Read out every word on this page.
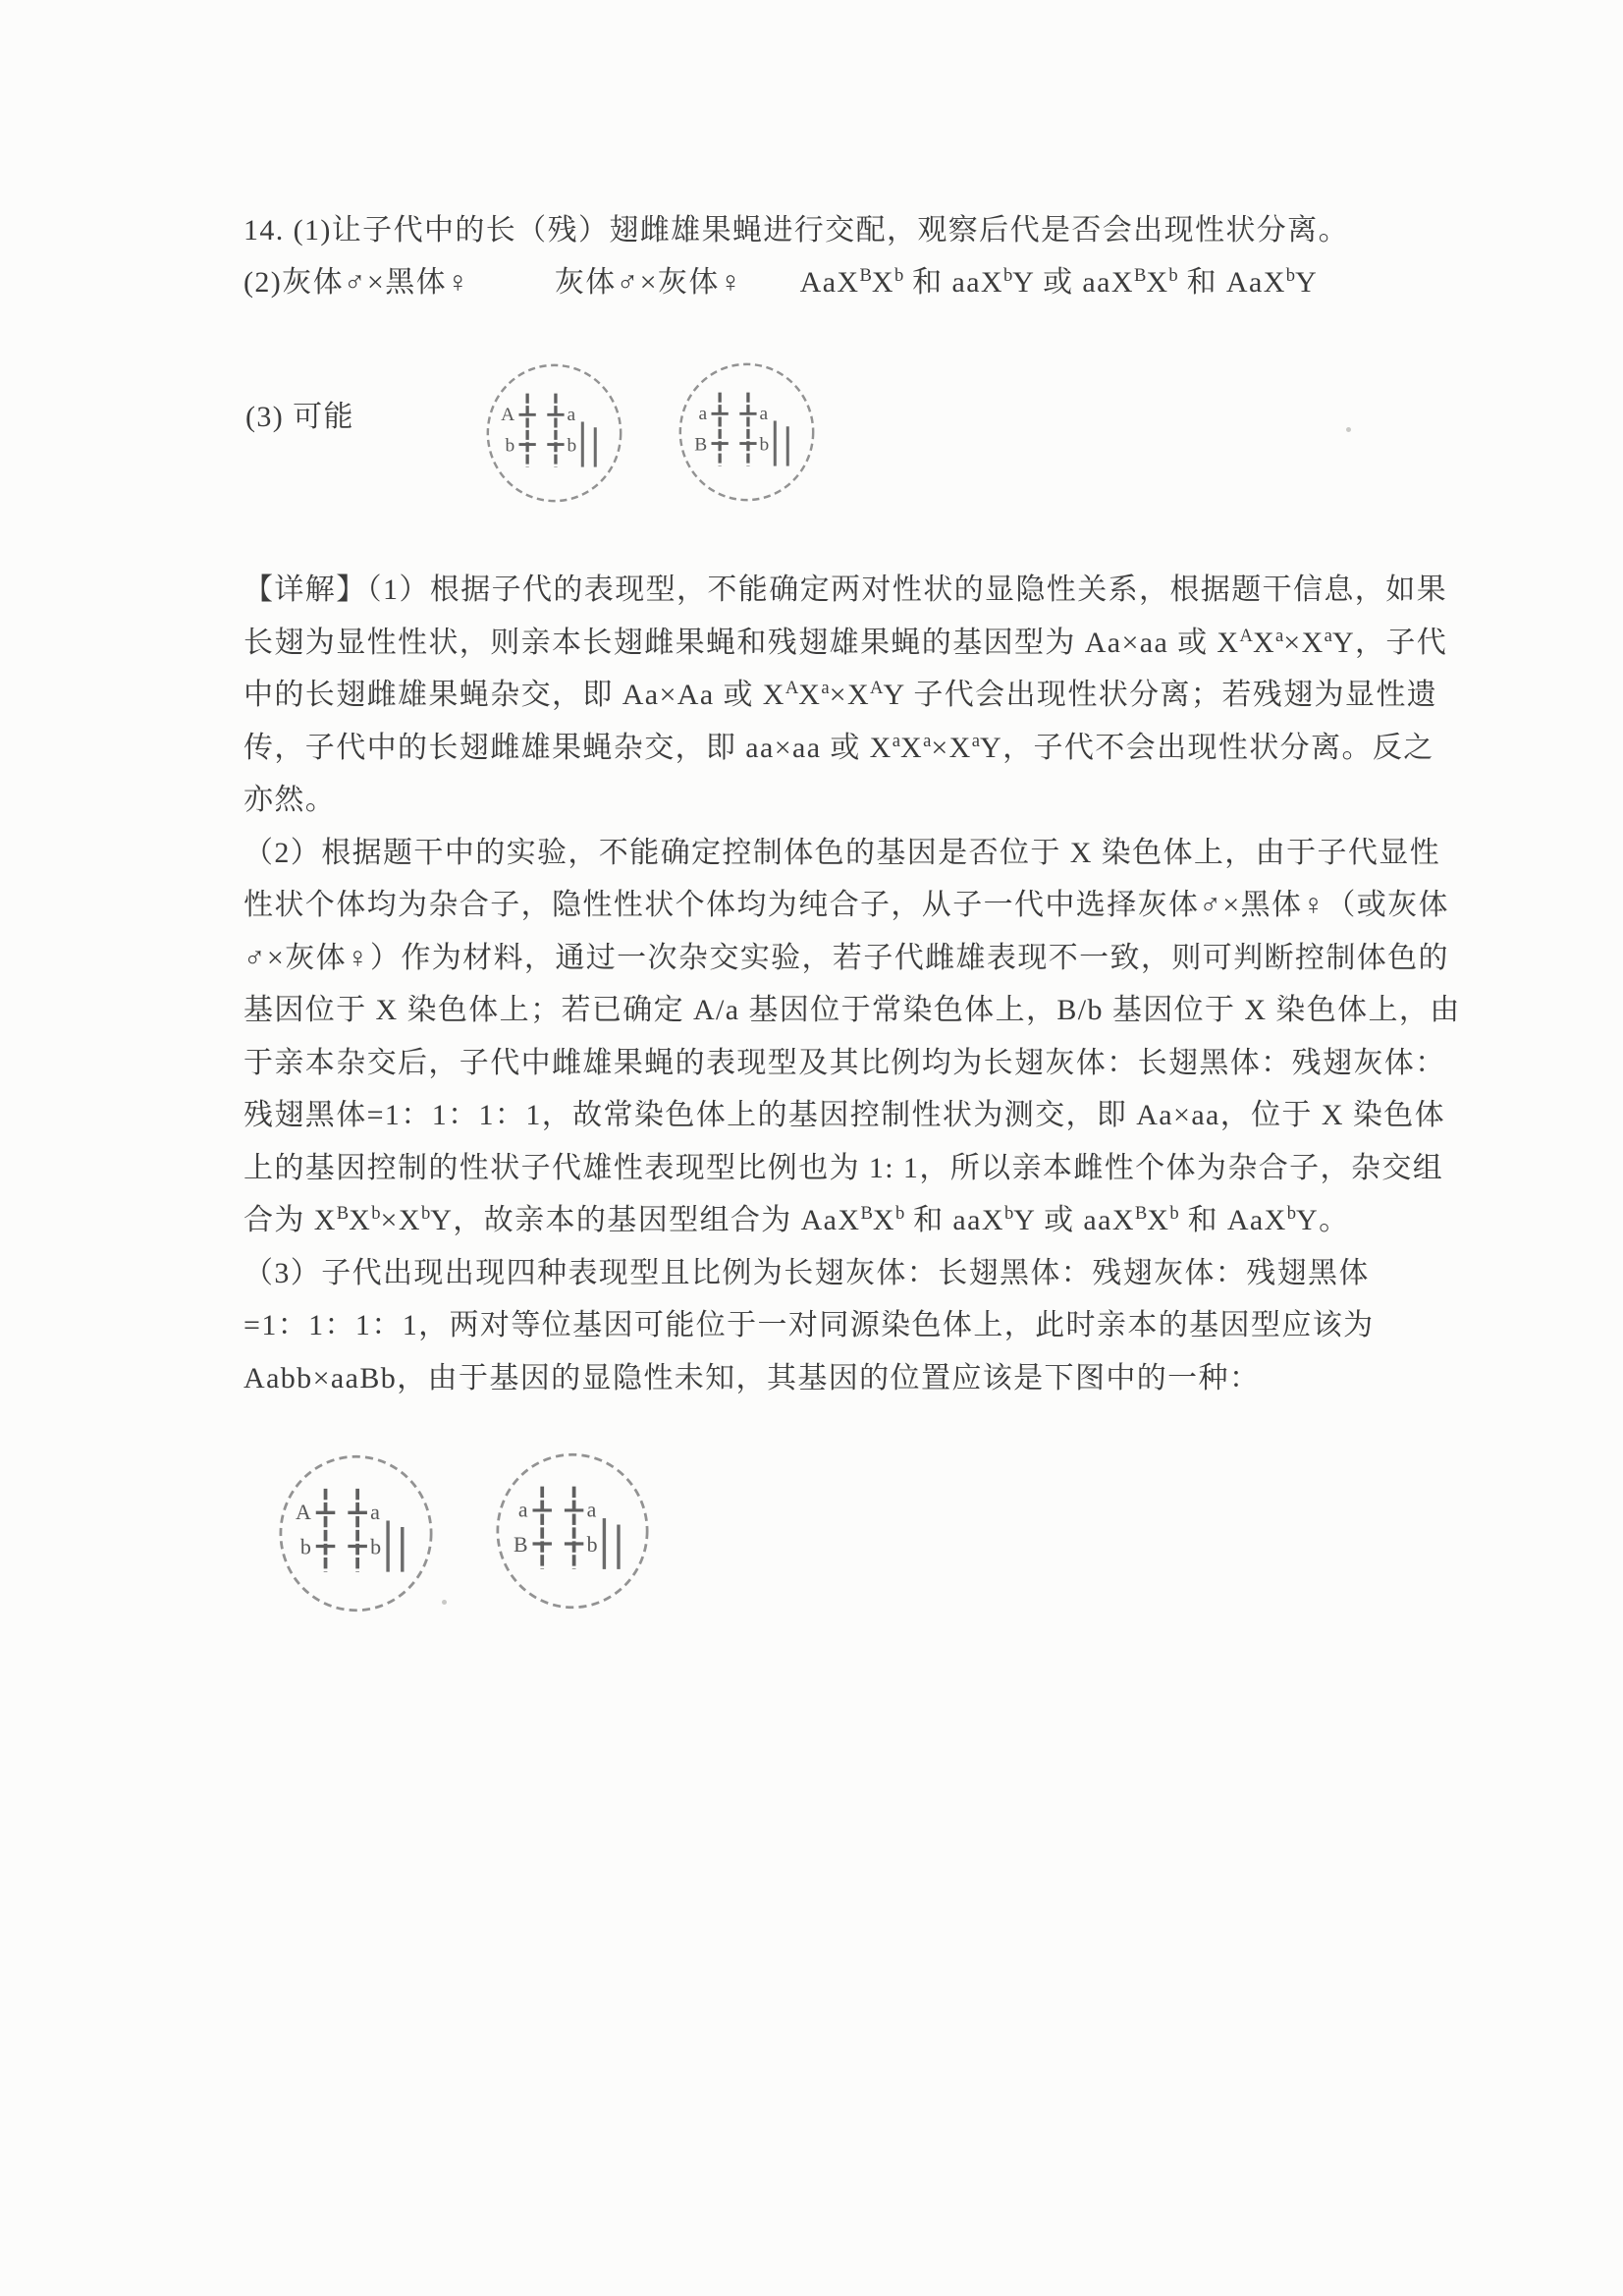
14. (1)让子代中的长（残）翅雌雄果蝇进行交配，观察后代是否会出现性状分离。
(2)灰体♂×黑体♀	灰体♂×灰体♀ $AaX^BX^b$ 和 aaX$^b$Y 或 $aaX^BX^b$ 和 AaX$^b$Y
(3) 可能	A
b
a
b
a
B
a
b
【详解】（1）根据子代的表现型，不能确定两对性状的显隐性关系，根据题干信息，如果
长翅为显性性状，则亲本长翅雌果蝇和残翅雄果蝇的基因型为 Aa×aa 或 $X^AX^a\times X^aY$，子代
中的长翅雌雄果蝇杂交，即 Aa×Aa 或 $X^AX^a\times X^AY$ 子代会出现性状分离；若残翅为显性遗
传，子代中的长翅雌雄果蝇杂交，即 aa×aa 或 $X^aX^a\times X^aY$，子代不会出现性状分离。反之
亦然。
（2）根据题干中的实验，不能确定控制体色的基因是否位于 X 染色体上，由于子代显性
性状个体均为杂合子，隐性性状个体均为纯合子，从子一代中选择灰体♂×黑体♀（或灰体
♂×灰体♀）作为材料，通过一次杂交实验，若子代雌雄表现不一致，则可判断控制体色的
基因位于 X 染色体上；若已确定 A/a 基因位于常染色体上，B/b 基因位于 X 染色体上，由
于亲本杂交后，子代中雌雄果蝇的表现型及其比例均为长翅灰体：长翅黑体：残翅灰体：
残翅黑体=1：1：1：1，故常染色体上的基因控制性状为测交，即 Aa×aa，位于 X 染色体
上的基因控制的性状子代雄性表现型比例也为 1: 1，所以亲本雌性个体为杂合子，杂交组
合为 $X^BX^b\times X^bY$，故亲本的基因型组合为 $AaX^BX^b$ 和 aaX$^b$Y 或 $aaX^BX^b$ 和 AaX$^b$Y。
（3）子代出现出现四种表现型且比例为长翅灰体：长翅黑体：残翅灰体：残翅黑体
=1：1：1：1，两对等位基因可能位于一对同源染色体上，此时亲本的基因型应该为
Aabb×aaBb，由于基因的显隐性未知，其基因的位置应该是下图中的一种：
A
b
a
b
a
B
a
b
